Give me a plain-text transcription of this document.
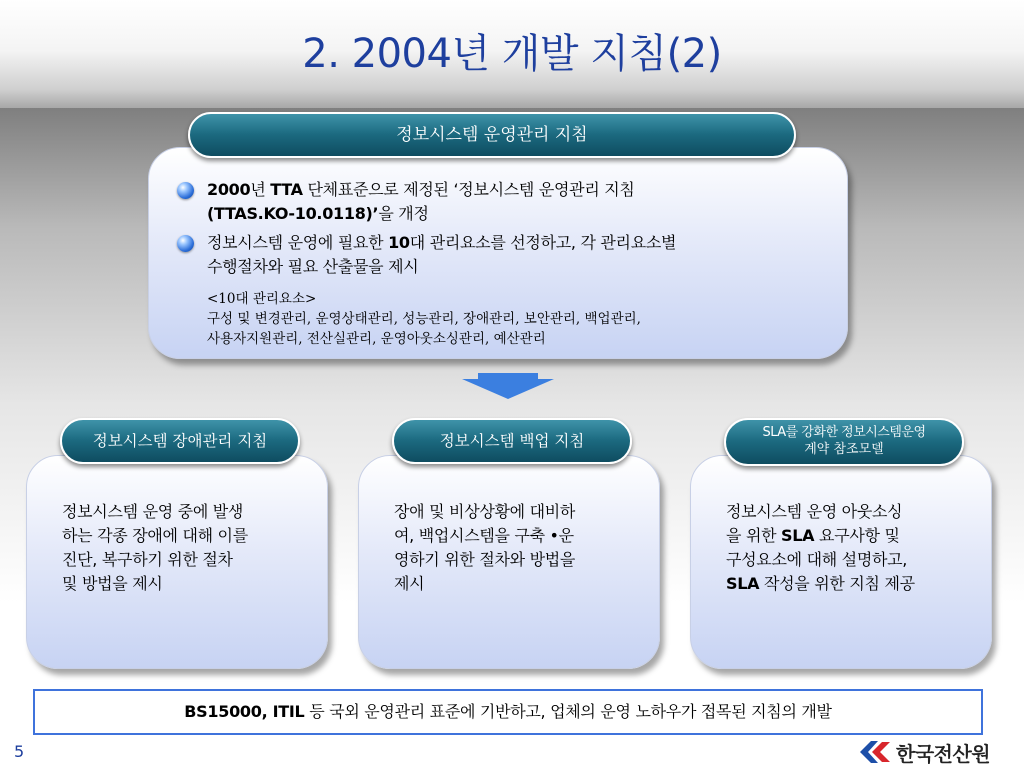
2. 2004년 개발 지침(2)
2000년 TTA 단체표준으로 제정된 ‘정보시스템 운영관리 지침
(TTAS.KO-10.0118)’을 개정
정보시스템 운영에 필요한 10대 관리요소를 선정하고, 각 관리요소별
수행절차와 필요 산출물을 제시
<10대 관리요소>
구성 및 변경관리, 운영상태관리, 성능관리, 장애관리, 보안관리, 백업관리,
사용자지원관리, 전산실관리, 운영아웃소싱관리, 예산관리
정보시스템 운영관리 지침
정보시스템 장애관리 지침	정보시스템 백업 지침	SLA를 강화한 정보시스템운영
계약 참조모델
정보시스템 운영 중에 발생
하는 각종 장애에 대해 이를
진단, 복구하기 위한 절차
및 방법을 제시
장애 및 비상상황에 대비하
여, 백업시스템을 구축 •운
영하기 위한 절차와 방법을
제시
정보시스템 운영 아웃소싱
을 위한 SLA 요구사항 및
구성요소에 대해 설명하고,
SLA 작성을 위한 지침 제공
BS15000, ITIL 등 국외 운영관리 표준에 기반하고, 업체의 운영 노하우가 접목된 지침의 개발
5	한국전산원
